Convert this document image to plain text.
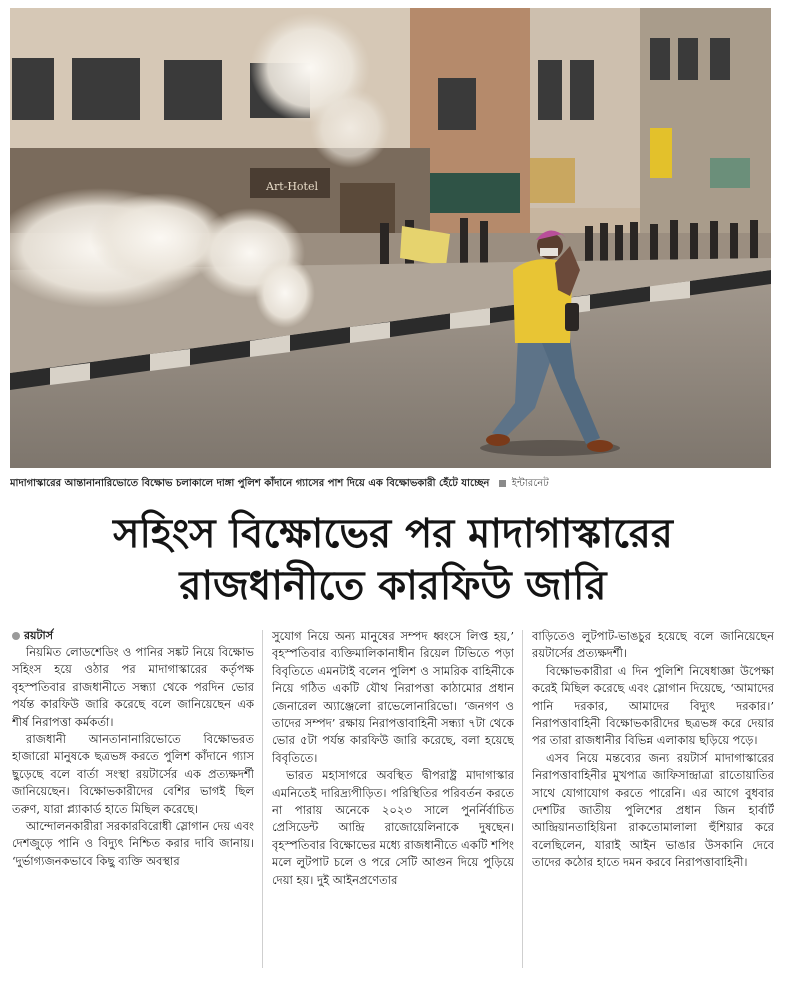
Art-Hotel
মাদাগাস্কারের আন্তানানারিভোতে বিক্ষোভ চলাকালে দাঙ্গা পুলিশ কাঁদানে গ্যাসের পাশ দিয়ে এক বিক্ষোভকারী হেঁটে যাচ্ছেন ইন্টারনেট
সহিংস বিক্ষোভের পর মাদাগাস্কারের
রাজধানীতে কারফিউ জারি

রয়টার্স

নিয়মিত লোডশেডিং ও পানির সঙ্কট নিয়ে বিক্ষোভ সহিংস হয়ে ওঠার পর মাদাগাস্কারের কর্তৃপক্ষ বৃহস্পতিবার রাজধানীতে সন্ধ্যা থেকে পরদিন ভোর পর্যন্ত কারফিউ জারি করেছে বলে জানিয়েছেন এক শীর্ষ নিরাপত্তা কর্মকর্তা।

রাজধানী আনতানানারিভোতে বিক্ষোভরত হাজারো মানুষকে ছত্রভঙ্গ করতে পুলিশ কাঁদানে গ্যাস ছুড়েছে বলে বার্তা সংস্থা রয়টার্সের এক প্রত্যক্ষদর্শী জানিয়েছেন। বিক্ষোভকারীদের বেশির ভাগই ছিল তরুণ, যারা প্ল্যাকার্ড হাতে মিছিল করেছে।

আন্দোলনকারীরা সরকারবিরোধী স্লোগান দেয় এবং দেশজুড়ে পানি ও বিদ্যুৎ নিশ্চিত করার দাবি জানায়। ‘দুর্ভাগ্যজনকভাবে কিছু ব্যক্তি অবস্থার

সুযোগ নিয়ে অন্য মানুষের সম্পদ ধ্বংসে লিপ্ত হয়,’ বৃহস্পতিবার ব্যক্তিমালিকানাধীন রিয়েল টিভিতে পড়া বিবৃতিতে এমনটাই বলেন পুলিশ ও সামরিক বাহিনীকে নিয়ে গঠিত একটি যৌথ নিরাপত্তা কাঠামোর প্রধান জেনারেল অ্যাঞ্জেলো রাভেলোনারিভো। ‘জনগণ ও তাদের সম্পদ’ রক্ষায় নিরাপত্তাবাহিনী সন্ধ্যা ৭টা থেকে ভোর ৫টা পর্যন্ত কারফিউ জারি করেছে, বলা হয়েছে বিবৃতিতে।

ভারত মহাসাগরে অবস্থিত দ্বীপরাষ্ট্র মাদাগাস্কার এমনিতেই দারিদ্র্যপীড়িত। পরিস্থিতির পরিবর্তন করতে না পারায় অনেকে ২০২৩ সালে পুনর্নির্বাচিত প্রেসিডেন্ট আন্দ্রি রাজোয়েলিনাকে দুষছেন। বৃহস্পতিবার বিক্ষোভের মধ্যে রাজধানীতে একটি শপিং মলে লুটপাট চলে ও পরে সেটি আগুন দিয়ে পুড়িয়ে দেয়া হয়। দুই আইনপ্রণেতার

বাড়িতেও লুটপাট-ভাঙচুর হয়েছে বলে জানিয়েছেন রয়টার্সের প্রত্যক্ষদর্শী।

বিক্ষোভকারীরা এ দিন পুলিশি নিষেধাজ্ঞা উপেক্ষা করেই মিছিল করেছে এবং স্লোগান দিয়েছে, ‘আমাদের পানি দরকার, আমাদের বিদ্যুৎ দরকার।’ নিরাপত্তাবাহিনী বিক্ষোভকারীদের ছত্রভঙ্গ করে দেয়ার পর তারা রাজধানীর বিভিন্ন এলাকায় ছড়িয়ে পড়ে।

এসব নিয়ে মন্তব্যের জন্য রয়টার্স মাদাগাস্কারের নিরাপত্তাবাহিনীর মুখপাত্র জাফিসান্দ্রাত্রা রাতোয়াতির সাথে যোগাযোগ করতে পারেনি। এর আগে বুধবার দেশটির জাতীয় পুলিশের প্রধান জিন হার্বার্ট আন্দ্রিয়ানতাহিয়িনা রাকতোমালালা হুঁশিয়ার করে বলেছিলেন, যারাই আইন ভাঙার উসকানি দেবে তাদের কঠোর হাতে দমন করবে নিরাপত্তাবাহিনী।
